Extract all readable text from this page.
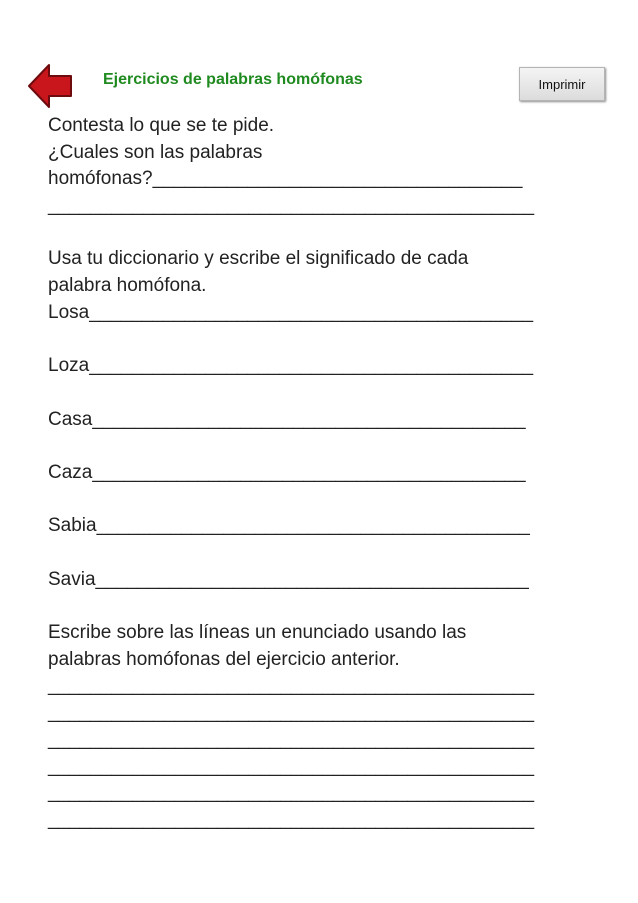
Ejercicios de palabras homófonas	Imprimir
Contesta lo que se te pide.
¿Cuales son las palabras
homófonas?___________________________________
______________________________________________
Usa tu diccionario y escribe el significado de cada
palabra homófona.
Losa__________________________________________
Loza__________________________________________
Casa_________________________________________
Caza_________________________________________
Sabia_________________________________________
Savia_________________________________________
Escribe sobre las líneas un enunciado usando las
palabras homófonas del ejercicio anterior.
______________________________________________
______________________________________________
______________________________________________
______________________________________________
______________________________________________
______________________________________________
